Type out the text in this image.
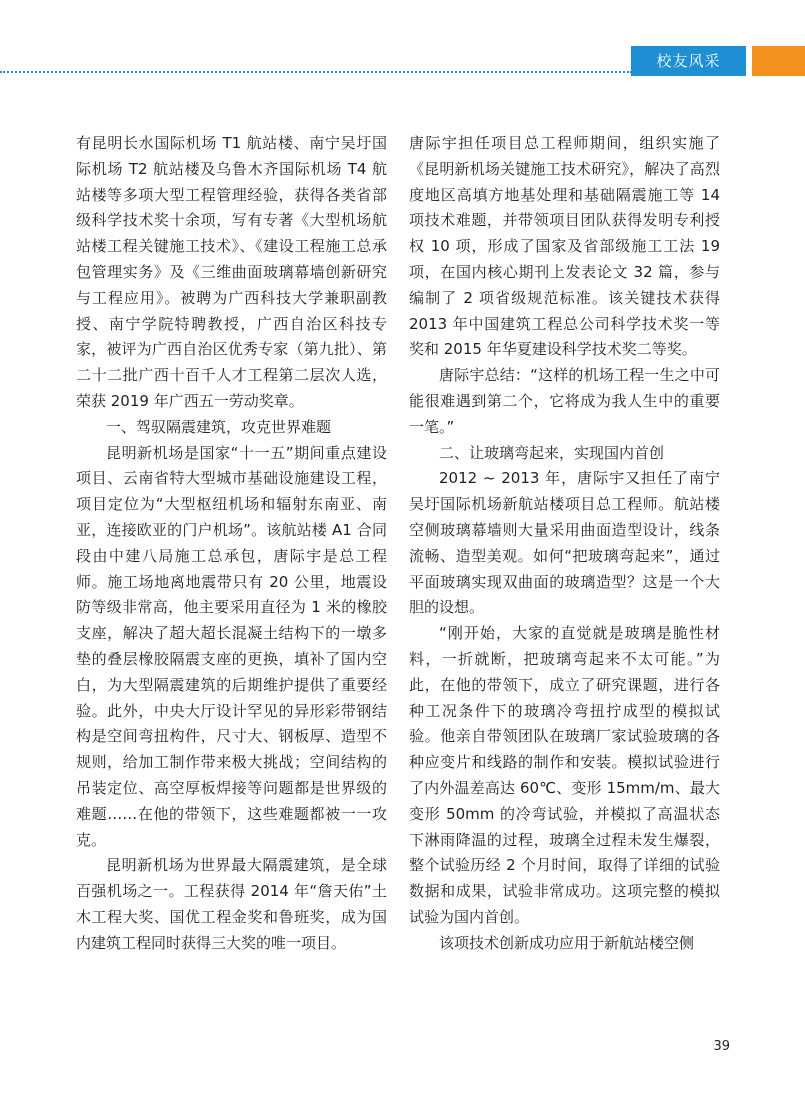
校友风采

有昆明长水国际机场 T1 航站楼、南宁吴圩国际机场 T2 航站楼及乌鲁木齐国际机场 T4 航站楼等多项大型工程管理经验，获得各类省部级科学技术奖十余项，写有专著《大型机场航站楼工程关键施工技术》、《建设工程施工总承包管理实务》及《三维曲面玻璃幕墙创新研究与工程应用》。被聘为广西科技大学兼职副教授、南宁学院特聘教授，广西自治区科技专家，被评为广西自治区优秀专家（第九批）、第二十二批广西十百千人才工程第二层次人选，荣获 2019 年广西五一劳动奖章。

一、驾驭隔震建筑，攻克世界难题

昆明新机场是国家“十一五”期间重点建设项目、云南省特大型城市基础设施建设工程，项目定位为“大型枢纽机场和辐射东南亚、南亚，连接欧亚的门户机场”。该航站楼 A1 合同段由中建八局施工总承包，唐际宇是总工程师。施工场地离地震带只有 20 公里，地震设防等级非常高，他主要采用直径为 1 米的橡胶支座，解决了超大超长混凝土结构下的一墩多垫的叠层橡胶隔震支座的更换，填补了国内空白，为大型隔震建筑的后期维护提供了重要经验。此外，中央大厅设计罕见的异形彩带钢结构是空间弯扭构件，尺寸大、钢板厚、造型不规则，给加工制作带来极大挑战；空间结构的吊装定位、高空厚板焊接等问题都是世界级的难题……在他的带领下，这些难题都被一一攻克。

昆明新机场为世界最大隔震建筑，是全球百强机场之一。工程获得 2014 年“詹天佑”土木工程大奖、国优工程金奖和鲁班奖，成为国内建筑工程同时获得三大奖的唯一项目。

唐际宇担任项目总工程师期间，组织实施了《昆明新机场关键施工技术研究》，解决了高烈度地区高填方地基处理和基础隔震施工等 14 项技术难题，并带领项目团队获得发明专利授权 10 项，形成了国家及省部级施工工法 19 项，在国内核心期刊上发表论文 32 篇，参与编制了 2 项省级规范标准。该关键技术获得 2013 年中国建筑工程总公司科学技术奖一等奖和 2015 年华夏建设科学技术奖二等奖。

唐际宇总结：“这样的机场工程一生之中可能很难遇到第二个，它将成为我人生中的重要一笔。”

二、让玻璃弯起来，实现国内首创

2012 ~ 2013 年，唐际宇又担任了南宁吴圩国际机场新航站楼项目总工程师。航站楼空侧玻璃幕墙则大量采用曲面造型设计，线条流畅、造型美观。如何“把玻璃弯起来”，通过平面玻璃实现双曲面的玻璃造型？这是一个大胆的设想。

“刚开始，大家的直觉就是玻璃是脆性材料，一折就断，把玻璃弯起来不太可能。”为此，在他的带领下，成立了研究课题，进行各种工况条件下的玻璃冷弯扭拧成型的模拟试验。他亲自带领团队在玻璃厂家试验玻璃的各种应变片和线路的制作和安装。模拟试验进行了内外温差高达 60℃、变形 15mm/m、最大变形 50mm 的冷弯试验，并模拟了高温状态下淋雨降温的过程，玻璃全过程未发生爆裂，整个试验历经 2 个月时间，取得了详细的试验数据和成果，试验非常成功。这项完整的模拟试验为国内首创。

该项技术创新成功应用于新航站楼空侧

39
